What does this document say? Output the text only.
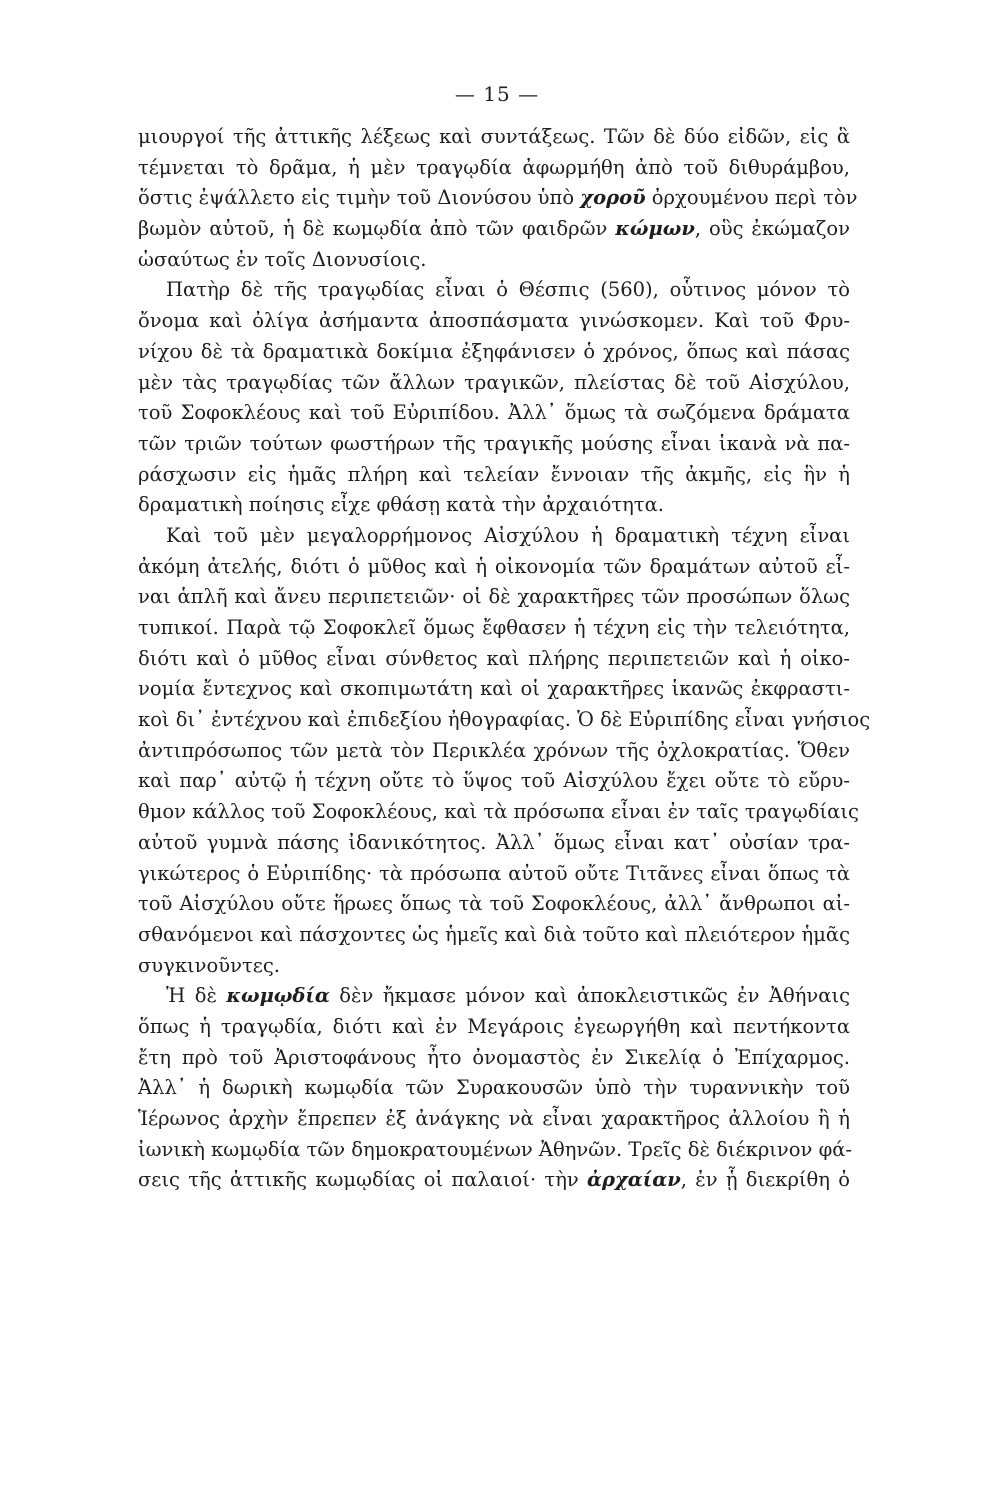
— 15 —
μιουργοί τῆς ἀττικῆς λέξεως καὶ συντάξεως. Τῶν δὲ δύο εἰδῶν, εἰς ἃ
τέμνεται τὸ δρᾶμα, ἡ μὲν τραγῳδία ἀφωρμήθη ἀπὸ τοῦ διθυράμβου,
ὅστις ἐψάλλετο εἰς τιμὴν τοῦ Διονύσου ὑπὸ χοροῦ ὀρχουμένου περὶ τὸν
βωμὸν αὐτοῦ, ἡ δὲ κωμῳδία ἀπὸ τῶν φαιδρῶν κώμων, οὓς ἐκώμαζον
ὡσαύτως ἐν τοῖς Διονυσίοις.
Πατὴρ δὲ τῆς τραγῳδίας εἶναι ὁ Θέσπις (560), οὗτινος μόνον τὸ
ὄνομα καὶ ὀλίγα ἀσήμαντα ἀποσπάσματα γινώσκομεν. Καὶ τοῦ Φρυ-
νίχου δὲ τὰ δραματικὰ δοκίμια ἐξηφάνισεν ὁ χρόνος, ὅπως καὶ πάσας
μὲν τὰς τραγῳδίας τῶν ἄλλων τραγικῶν, πλείστας δὲ τοῦ Αἰσχύλου,
τοῦ Σοφοκλέους καὶ τοῦ Εὐριπίδου. Ἀλλ᾽ ὅμως τὰ σωζόμενα δράματα
τῶν τριῶν τούτων φωστήρων τῆς τραγικῆς μούσης εἶναι ἱκανὰ νὰ πα-
ράσχωσιν εἰς ἡμᾶς πλήρη καὶ τελείαν ἔννοιαν τῆς ἀκμῆς, εἰς ἣν ἡ
δραματικὴ ποίησις εἶχε φθάσῃ κατὰ τὴν ἀρχαιότητα.
Καὶ τοῦ μὲν μεγαλορρήμονος Αἰσχύλου ἡ δραματικὴ τέχνη εἶναι
ἀκόμη ἀτελής, διότι ὁ μῦθος καὶ ἡ οἰκονομία τῶν δραμάτων αὐτοῦ εἶ-
ναι ἁπλῆ καὶ ἄνευ περιπετειῶν· οἱ δὲ χαρακτῆρες τῶν προσώπων ὅλως
τυπικοί. Παρὰ τῷ Σοφοκλεῖ ὅμως ἔφθασεν ἡ τέχνη εἰς τὴν τελειότητα,
διότι καὶ ὁ μῦθος εἶναι σύνθετος καὶ πλήρης περιπετειῶν καὶ ἡ οἰκο-
νομία ἔντεχνος καὶ σκοπιμωτάτη καὶ οἱ χαρακτῆρες ἱκανῶς ἐκφραστι-
κοὶ δι᾽ ἐντέχνου καὶ ἐπιδεξίου ἠθογραφίας. Ὁ δὲ Εὐριπίδης εἶναι γνήσιος
ἀντιπρόσωπος τῶν μετὰ τὸν Περικλέα χρόνων τῆς ὀχλοκρατίας. Ὅθεν
καὶ παρ᾽ αὐτῷ ἡ τέχνη οὔτε τὸ ὕψος τοῦ Αἰσχύλου ἔχει οὔτε τὸ εὔρυ-
θμον κάλλος τοῦ Σοφοκλέους, καὶ τὰ πρόσωπα εἶναι ἐν ταῖς τραγῳδίαις
αὐτοῦ γυμνὰ πάσης ἰδανικότητος. Ἀλλ᾽ ὅμως εἶναι κατ᾽ οὐσίαν τρα-
γικώτερος ὁ Εὐριπίδης· τὰ πρόσωπα αὐτοῦ οὔτε Τιτᾶνες εἶναι ὅπως τὰ
τοῦ Αἰσχύλου οὔτε ἥρωες ὅπως τὰ τοῦ Σοφοκλέους, ἀλλ᾽ ἄνθρωποι αἰ-
σθανόμενοι καὶ πάσχοντες ὡς ἡμεῖς καὶ διὰ τοῦτο καὶ πλειότερον ἡμᾶς
συγκινοῦντες.
Ἡ δὲ κωμῳδία δὲν ἤκμασε μόνον καὶ ἀποκλειστικῶς ἐν Ἀθήναις
ὅπως ἡ τραγῳδία, διότι καὶ ἐν Μεγάροις ἐγεωργήθη καὶ πεντήκοντα
ἔτη πρὸ τοῦ Ἀριστοφάνους ἦτο ὀνομαστὸς ἐν Σικελίᾳ ὁ Ἐπίχαρμος.
Ἀλλ᾽ ἡ δωρικὴ κωμῳδία τῶν Συρακουσῶν ὑπὸ τὴν τυραννικὴν τοῦ
Ἱέρωνος ἀρχὴν ἔπρεπεν ἐξ ἀνάγκης νὰ εἶναι χαρακτῆρος ἀλλοίου ἢ ἡ
ἰωνικὴ κωμῳδία τῶν δημοκρατουμένων Ἀθηνῶν. Τρεῖς δὲ διέκρινον φά-
σεις τῆς ἀττικῆς κωμῳδίας οἱ παλαιοί· τὴν ἀρχαίαν, ἐν ᾗ διεκρίθη ὁ
